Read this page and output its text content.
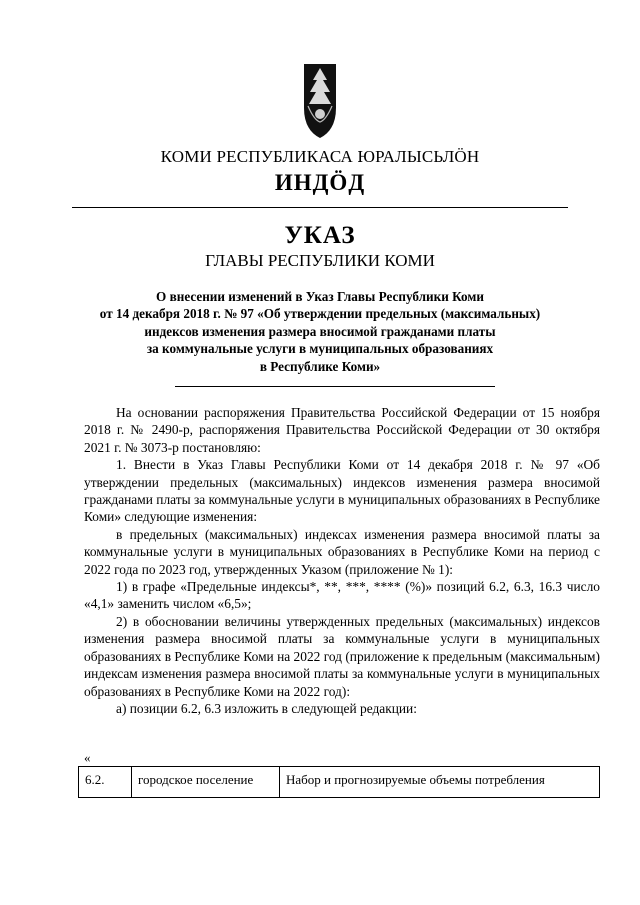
КОМИ РЕСПУБЛИКАСА ЮРАЛЫСЬЛÖН
ИНДÖД
УКАЗ
ГЛАВЫ РЕСПУБЛИКИ КОМИ
О внесении изменений в Указ Главы Республики Коми
от 14 декабря 2018 г. № 97 «Об утверждении предельных (максимальных)
индексов изменения размера вносимой гражданами платы
за коммунальные услуги в муниципальных образованиях
в Республике Коми»

На основании распоряжения Правительства Российской Федерации от 15 ноября 2018 г. № 2490-р, распоряжения Правительства Российской Федерации от 30 октября 2021 г. № 3073-р постановляю:

1. Внести в Указ Главы Республики Коми от 14 декабря 2018 г. № 97 «Об утверждении предельных (максимальных) индексов изменения размера вносимой гражданами платы за коммунальные услуги в муниципальных образованиях в Республике Коми» следующие изменения:

в предельных (максимальных) индексах изменения размера вносимой платы за коммунальные услуги в муниципальных образованиях в Республике Коми на период с 2022 года по 2023 год, утвержденных Указом (приложение № 1):

1) в графе «Предельные индексы*, **, ***, **** (%)» позиций 6.2, 6.3, 16.3 число «4,1» заменить числом «6,5»;

2) в обосновании величины утвержденных предельных (максимальных) индексов изменения размера вносимой платы за коммунальные услуги в муниципальных образованиях в Республике Коми на 2022 год (приложение к предельным (максимальным) индексам изменения размера вносимой платы за коммунальные услуги в муниципальных образованиях в Республике Коми на 2022 год):

а) позиции 6.2, 6.3 изложить в следующей редакции:

«
6.2.	городское поселение	Набор и прогнозируемые объемы потребления
